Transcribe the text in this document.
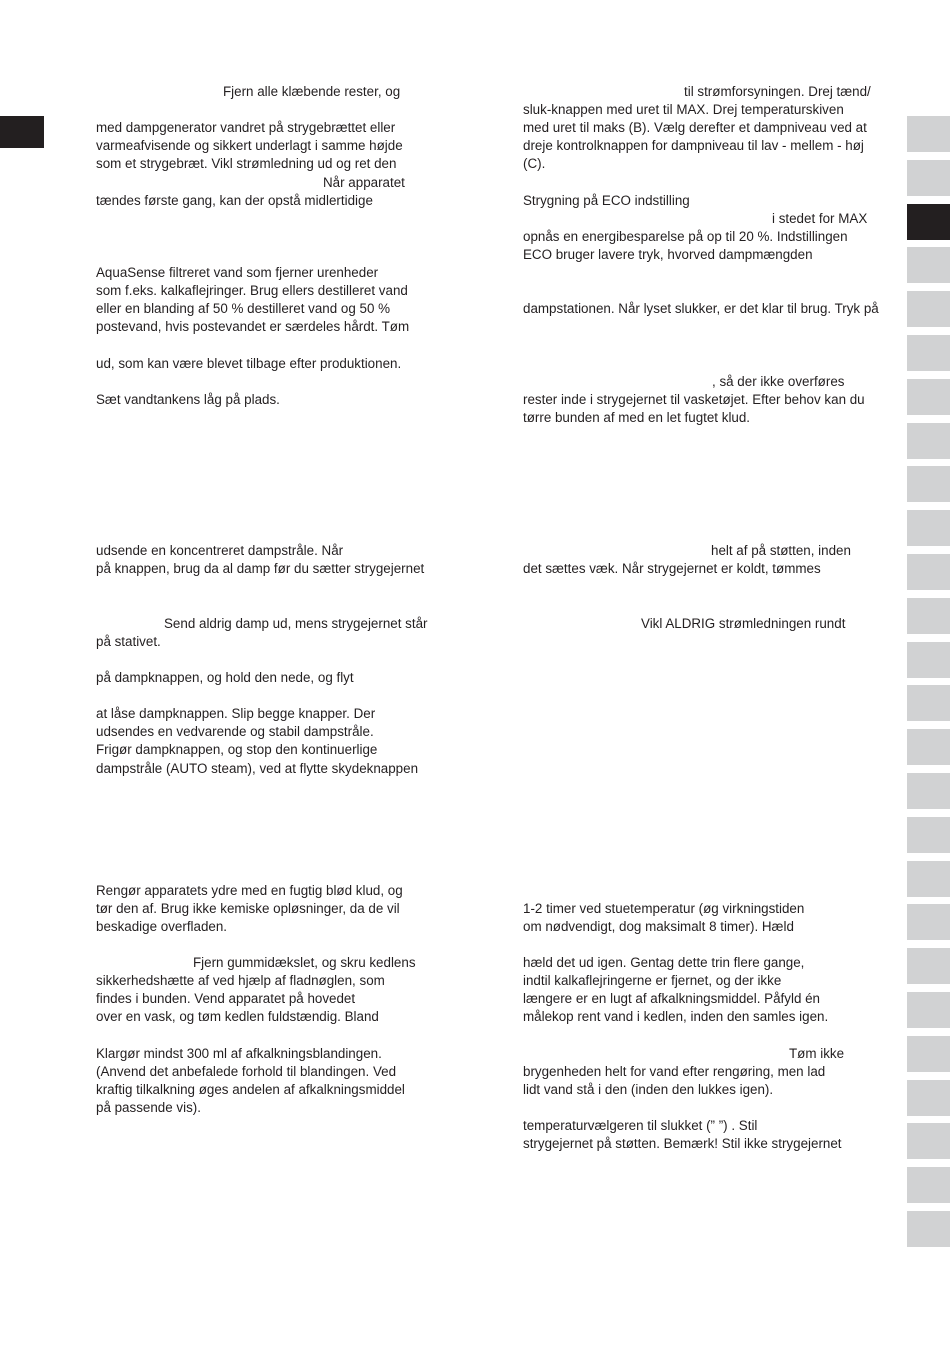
Fjern alle klæbende rester, og

med dampgenerator vandret på strygebrættet eller

varmeafvisende og sikkert underlagt i samme højde

som et strygebræt. Vikl strømledning ud og ret den

Når apparatet

tændes første gang, kan der opstå midlertidige

AquaSense filtreret vand som fjerner urenheder

som f.eks. kalkaflejringer. Brug ellers destilleret vand

eller en blanding af 50 % destilleret vand og 50 %

postevand, hvis postevandet er særdeles hårdt. Tøm

ud, som kan være blevet tilbage efter produktionen.

Sæt vandtankens låg på plads.

udsende en koncentreret dampstråle. Når

på knappen, brug da al damp før du sætter strygejernet

Send aldrig damp ud, mens strygejernet står

på stativet.

på dampknappen, og hold den nede, og flyt

at låse dampknappen. Slip begge knapper. Der

udsendes en vedvarende og stabil dampstråle.

Frigør dampknappen, og stop den kontinuerlige

dampstråle (AUTO steam), ved at flytte skydeknappen

Rengør apparatets ydre med en fugtig blød klud, og

tør den af. Brug ikke kemiske opløsninger, da de vil

beskadige overfladen.

Fjern gummidækslet, og skru kedlens

sikkerhedshætte af ved hjælp af fladnøglen, som

findes i bunden. Vend apparatet på hovedet

over en vask, og tøm kedlen fuldstændig. Bland

Klargør mindst 300 ml af afkalkningsblandingen.

(Anvend det anbefalede forhold til blandingen. Ved

kraftig tilkalkning øges andelen af afkalkningsmiddel

på passende vis).

til strømforsyningen. Drej tænd/

sluk-knappen med uret til MAX. Drej temperaturskiven

med uret til maks (B). Vælg derefter et dampniveau ved at

dreje kontrolknappen for dampniveau til lav - mellem - høj

(C).

Strygning på ECO indstilling

i stedet for MAX

opnås en energibesparelse på op til 20 %. Indstillingen

ECO bruger lavere tryk, hvorved dampmængden

dampstationen. Når lyset slukker, er det klar til brug. Tryk på

, så der ikke overføres

rester inde i strygejernet til vasketøjet. Efter behov kan du

tørre bunden af med en let fugtet klud.

helt af på støtten, inden

det sættes væk. Når strygejernet er koldt, tømmes

Vikl ALDRIG strømledningen rundt

1-2 timer ved stuetemperatur (øg virkningstiden

om nødvendigt, dog maksimalt 8 timer). Hæld

hæld det ud igen. Gentag dette trin flere gange,

indtil kalkaflejringerne er fjernet, og der ikke

længere er en lugt af afkalkningsmiddel. Påfyld én

målekop rent vand i kedlen, inden den samles igen.

Tøm ikke

brygenheden helt for vand efter rengøring, men lad

lidt vand stå i den (inden den lukkes igen).

temperaturvælgeren til slukket (” ”) . Stil

strygejernet på støtten. Bemærk! Stil ikke strygejernet
